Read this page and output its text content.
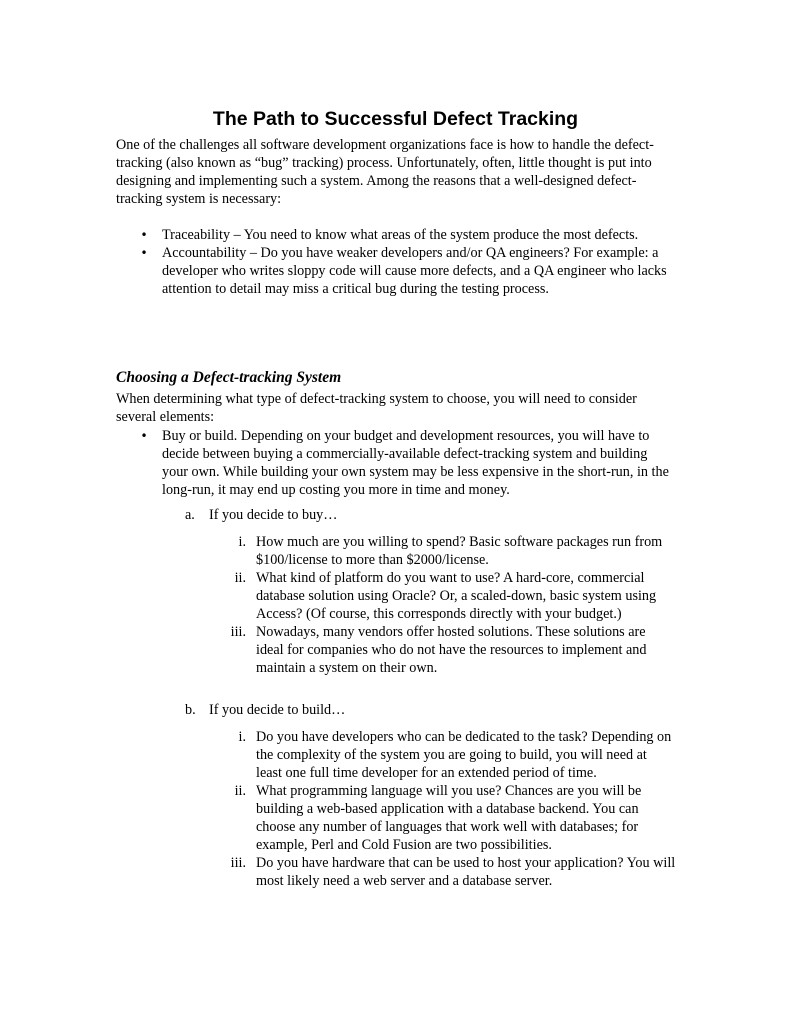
The Path to Successful Defect Tracking

One of the challenges all software development organizations face is how to handle the defect-tracking (also known as “bug” tracking) process. Unfortunately, often, little thought is put into designing and implementing such a system. Among the reasons that a well-designed defect-tracking system is necessary:

•	Traceability – You need to know what areas of the system produce the most defects.
•	Accountability – Do you have weaker developers and/or QA engineers? For example: a developer who writes sloppy code will cause more defects, and a QA engineer who lacks attention to detail may miss a critical bug during the testing process.
Choosing a Defect-tracking System

When determining what type of defect-tracking system to choose, you will need to consider several elements:

•	Buy or build. Depending on your budget and development resources, you will have to decide between buying a commercially-available defect-tracking system and building your own. While building your own system may be less expensive in the short-run, in the long-run, it may end up costing you more in time and money.

a. If you decide to buy…

i. How much are you willing to spend? Basic software packages run from $100/license to more than $2000/license.
ii. What kind of platform do you want to use? A hard-core, commercial database solution using Oracle? Or, a scaled-down, basic system using Access? (Of course, this corresponds directly with your budget.)
iii. Nowadays, many vendors offer hosted solutions. These solutions are ideal for companies who do not have the resources to implement and maintain a system on their own.

b. If you decide to build…

i. Do you have developers who can be dedicated to the task? Depending on the complexity of the system you are going to build, you will need at least one full time developer for an extended period of time.
ii. What programming language will you use? Chances are you will be building a web-based application with a database backend. You can choose any number of languages that work well with databases; for example, Perl and Cold Fusion are two possibilities.
iii. Do you have hardware that can be used to host your application? You will most likely need a web server and a database server.
